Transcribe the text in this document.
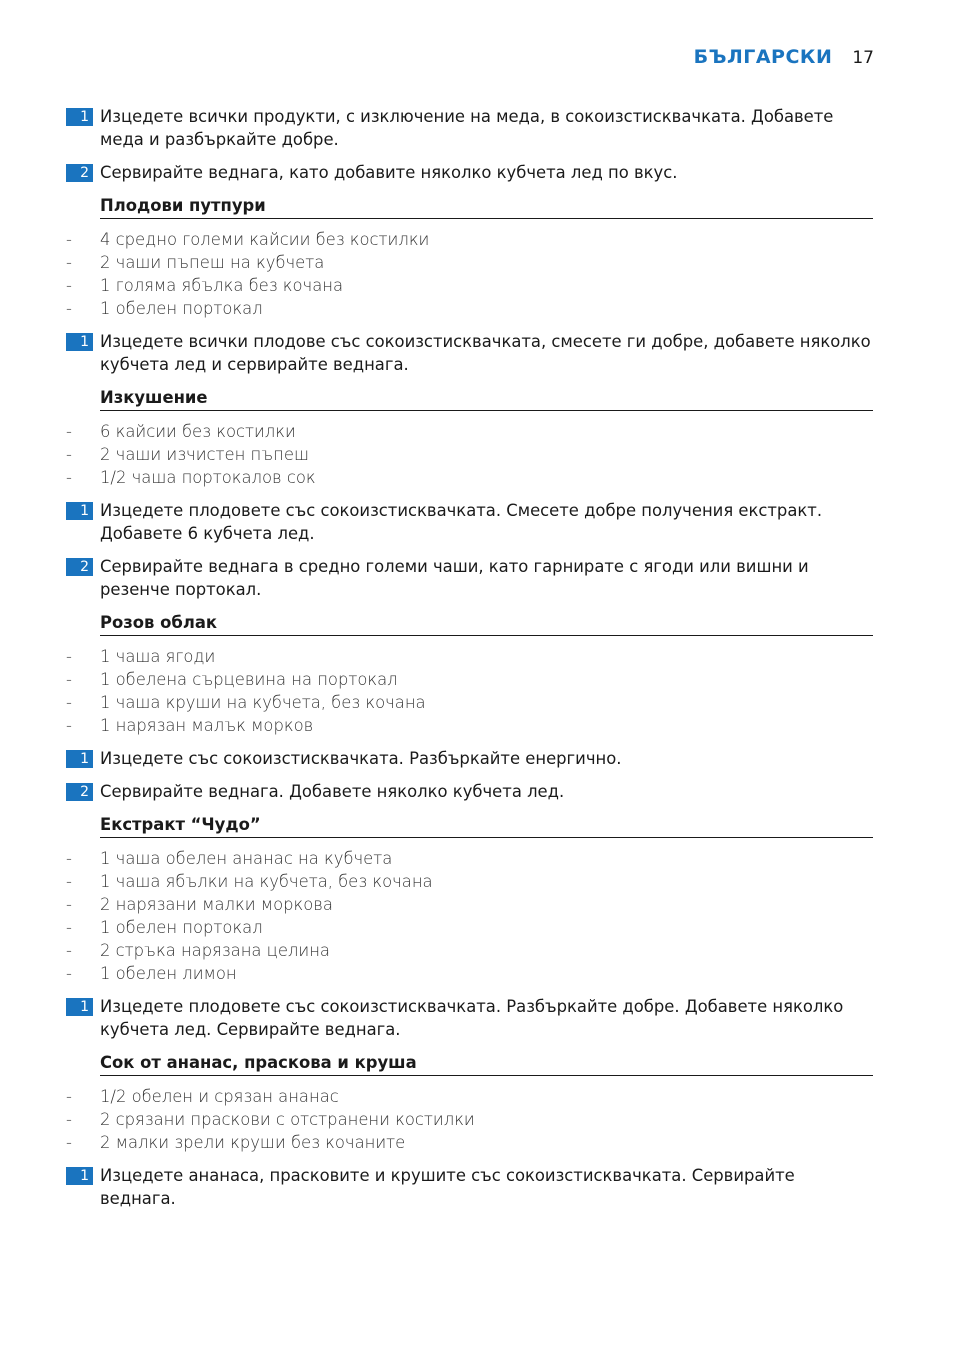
БЪЛГАРСКИ 17
1 Изцедете всички продукти, с изключение на меда, в сокоизстисквачката. Добавете меда и разбъркайте добре.
2 Сервирайте веднага, като добавите няколко кубчета лед по вкус.
Плодови путпури
- 4 средно големи кайсии без костилки
- 2 чаши пъпеш на кубчета
- 1 голяма ябълка без кочана
- 1 обелен портокал
1 Изцедете всички плодове със сокоизстисквачката, смесете ги добре, добавете няколко кубчета лед и сервирайте веднага.
Изкушение
- 6 кайсии без костилки
- 2 чаши изчистен пъпеш
- 1/2 чаша портокалов сок
1 Изцедете плодовете със сокоизстисквачката. Смесете добре получения екстракт. Добавете 6 кубчета лед.
2 Сервирайте веднага в средно големи чаши, като гарнирате с ягоди или вишни и резенче портокал.
Розов облак
- 1 чаша ягоди
- 1 обелена сърцевина на портокал
- 1 чаша круши на кубчета, без кочана
- 1 нарязан малък морков
1 Изцедете със сокоизстисквачката. Разбъркайте енергично.
2 Сервирайте веднага. Добавете няколко кубчета лед.
Екстракт “Чудо”
- 1 чаша обелен ананас на кубчета
- 1 чаша ябълки на кубчета, без кочана
- 2 нарязани малки моркова
- 1 обелен портокал
- 2 стръка нарязана целина
- 1 обелен лимон
1 Изцедете плодовете със сокоизстисквачката. Разбъркайте добре. Добавете няколко кубчета лед. Сервирайте веднага.
Сок от ананас, праскова и круша
- 1/2 обелен и срязан ананас
- 2 срязани праскови с отстранени костилки
- 2 малки зрели круши без кочаните
1 Изцедете ананаса, прасковите и крушите със сокоизстисквачката. Сервирайте веднага.
